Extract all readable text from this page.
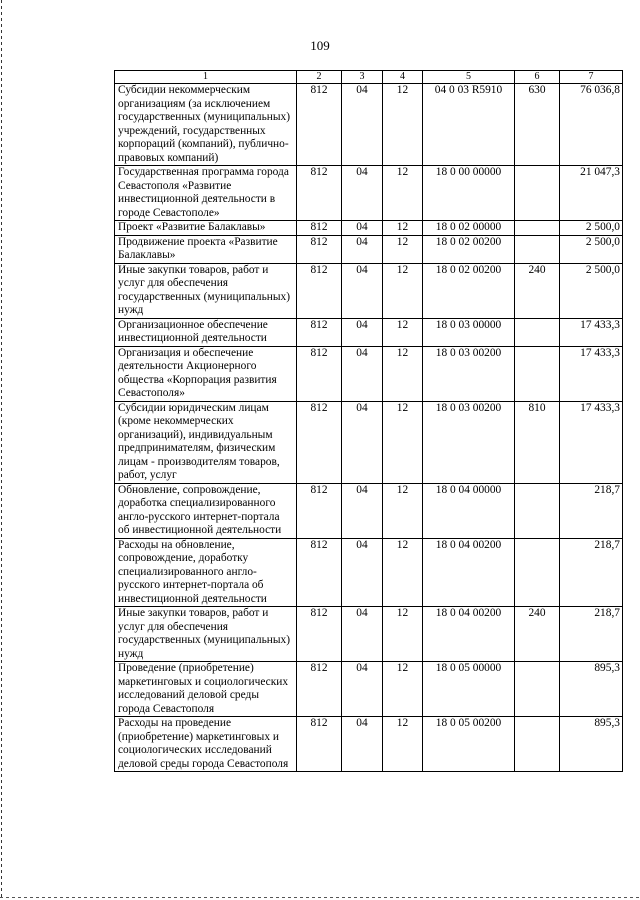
109
1	2	3	4	5	6	7
Субсидии некоммерческим организациям (за исключением государственных (муниципальных) учреждений, государственных корпораций (компаний), публично-правовых компаний)	812	04	12	04 0 03 R5910	630	76 036,8
Государственная программа города Севастополя «Развитие инвестиционной деятельности в городе Севастополе»	812	04	12	18 0 00 00000		21 047,3
Проект «Развитие Балаклавы»	812	04	12	18 0 02 00000		2 500,0
Продвижение проекта «Развитие Балаклавы»	812	04	12	18 0 02 00200		2 500,0
Иные закупки товаров, работ и услуг для обеспечения государственных (муниципальных) нужд	812	04	12	18 0 02 00200	240	2 500,0
Организационное обеспечение инвестиционной деятельности	812	04	12	18 0 03 00000		17 433,3
Организация и обеспечение деятельности Акционерного общества «Корпорация развития Севастополя»	812	04	12	18 0 03 00200		17 433,3
Субсидии юридическим лицам (кроме некоммерческих организаций), индивидуальным предпринимателям, физическим лицам - производителям товаров, работ, услуг	812	04	12	18 0 03 00200	810	17 433,3
Обновление, сопровождение, доработка специализированного англо-русского интернет-портала об инвестиционной деятельности	812	04	12	18 0 04 00000		218,7
Расходы на обновление, сопровождение, доработку специализированного англо-русского интернет-портала об инвестиционной деятельности	812	04	12	18 0 04 00200		218,7
Иные закупки товаров, работ и услуг для обеспечения государственных (муниципальных) нужд	812	04	12	18 0 04 00200	240	218,7
Проведение (приобретение) маркетинговых и социологических исследований деловой среды города Севастополя	812	04	12	18 0 05 00000		895,3
Расходы на проведение (приобретение) маркетинговых и социологических исследований деловой среды города Севастополя	812	04	12	18 0 05 00200		895,3
